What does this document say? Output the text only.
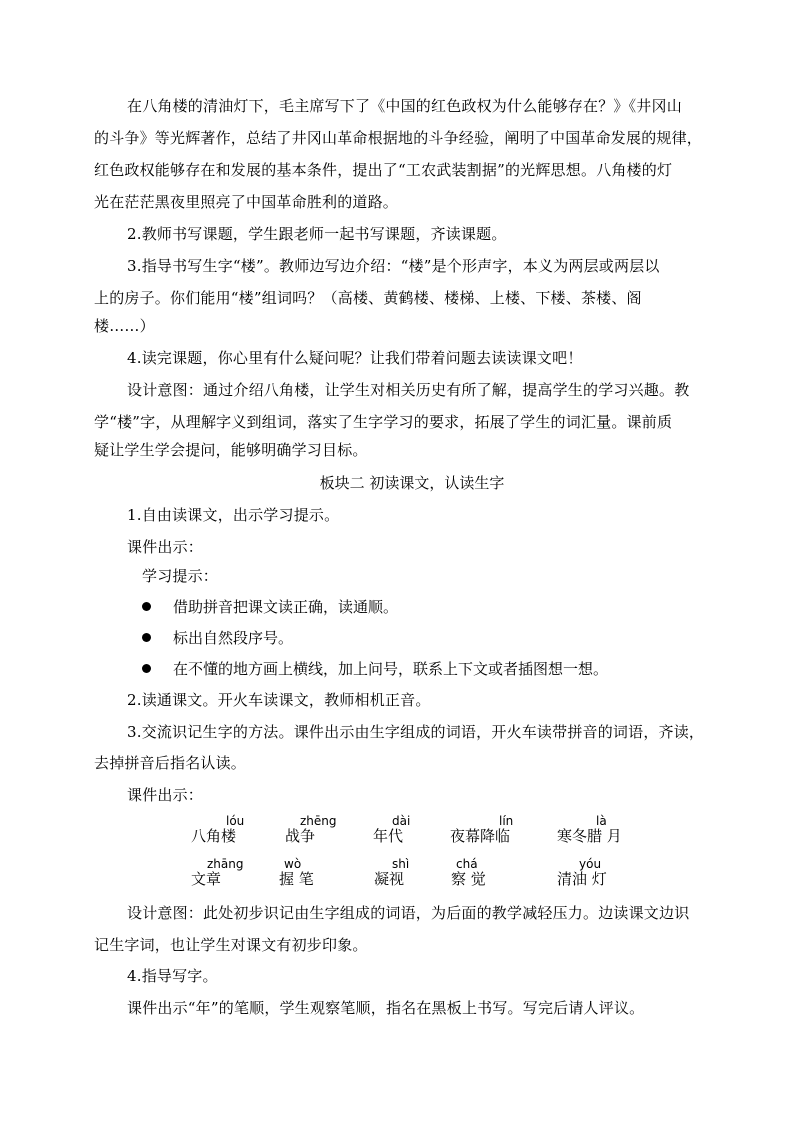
在八角楼的清油灯下，毛主席写下了《中国的红色政权为什么能够存在？》《井冈山
的斗争》等光辉著作，总结了井冈山革命根据地的斗争经验，阐明了中国革命发展的规律，
红色政权能够存在和发展的基本条件，提出了“工农武装割据”的光辉思想。八角楼的灯
光在茫茫黑夜里照亮了中国革命胜利的道路。
2.教师书写课题，学生跟老师一起书写课题，齐读课题。
3.指导书写生字“楼”。教师边写边介绍：“楼”是个形声字，本义为两层或两层以
上的房子。你们能用“楼”组词吗？（高楼、黄鹤楼、楼梯、上楼、下楼、茶楼、阁
楼……）
4.读完课题，你心里有什么疑问呢？让我们带着问题去读读课文吧！
设计意图：通过介绍八角楼，让学生对相关历史有所了解，提高学生的学习兴趣。教
学“楼”字，从理解字义到组词，落实了生字学习的要求，拓展了学生的词汇量。课前质
疑让学生学会提问，能够明确学习目标。
板块二 初读课文，认读生字
1.自由读课文，出示学习提示。
课件出示：
学习提示：
借助拼音把课文读正确，读通顺。
标出自然段序号。
在不懂的地方画上横线，加上问号，联系上下文或者插图想一想。
2.读通课文。开火车读课文，教师相机正音。
3.交流识记生字的方法。课件出示由生字组成的词语，开火车读带拼音的词语，齐读，
去掉拼音后指名认读。
课件出示：
lóu
八角楼
zhēng
战争
dài
年代
lín
夜幕降临
là
寒冬腊 月
zhāng
文章
wò
握 笔
shì
凝视
chá
察 觉
yóu
清油 灯
设计意图：此处初步识记由生字组成的词语，为后面的教学减轻压力。边读课文边识
记生字词，也让学生对课文有初步印象。
4.指导写字。
课件出示“年”的笔顺，学生观察笔顺，指名在黑板上书写。写完后请人评议。
